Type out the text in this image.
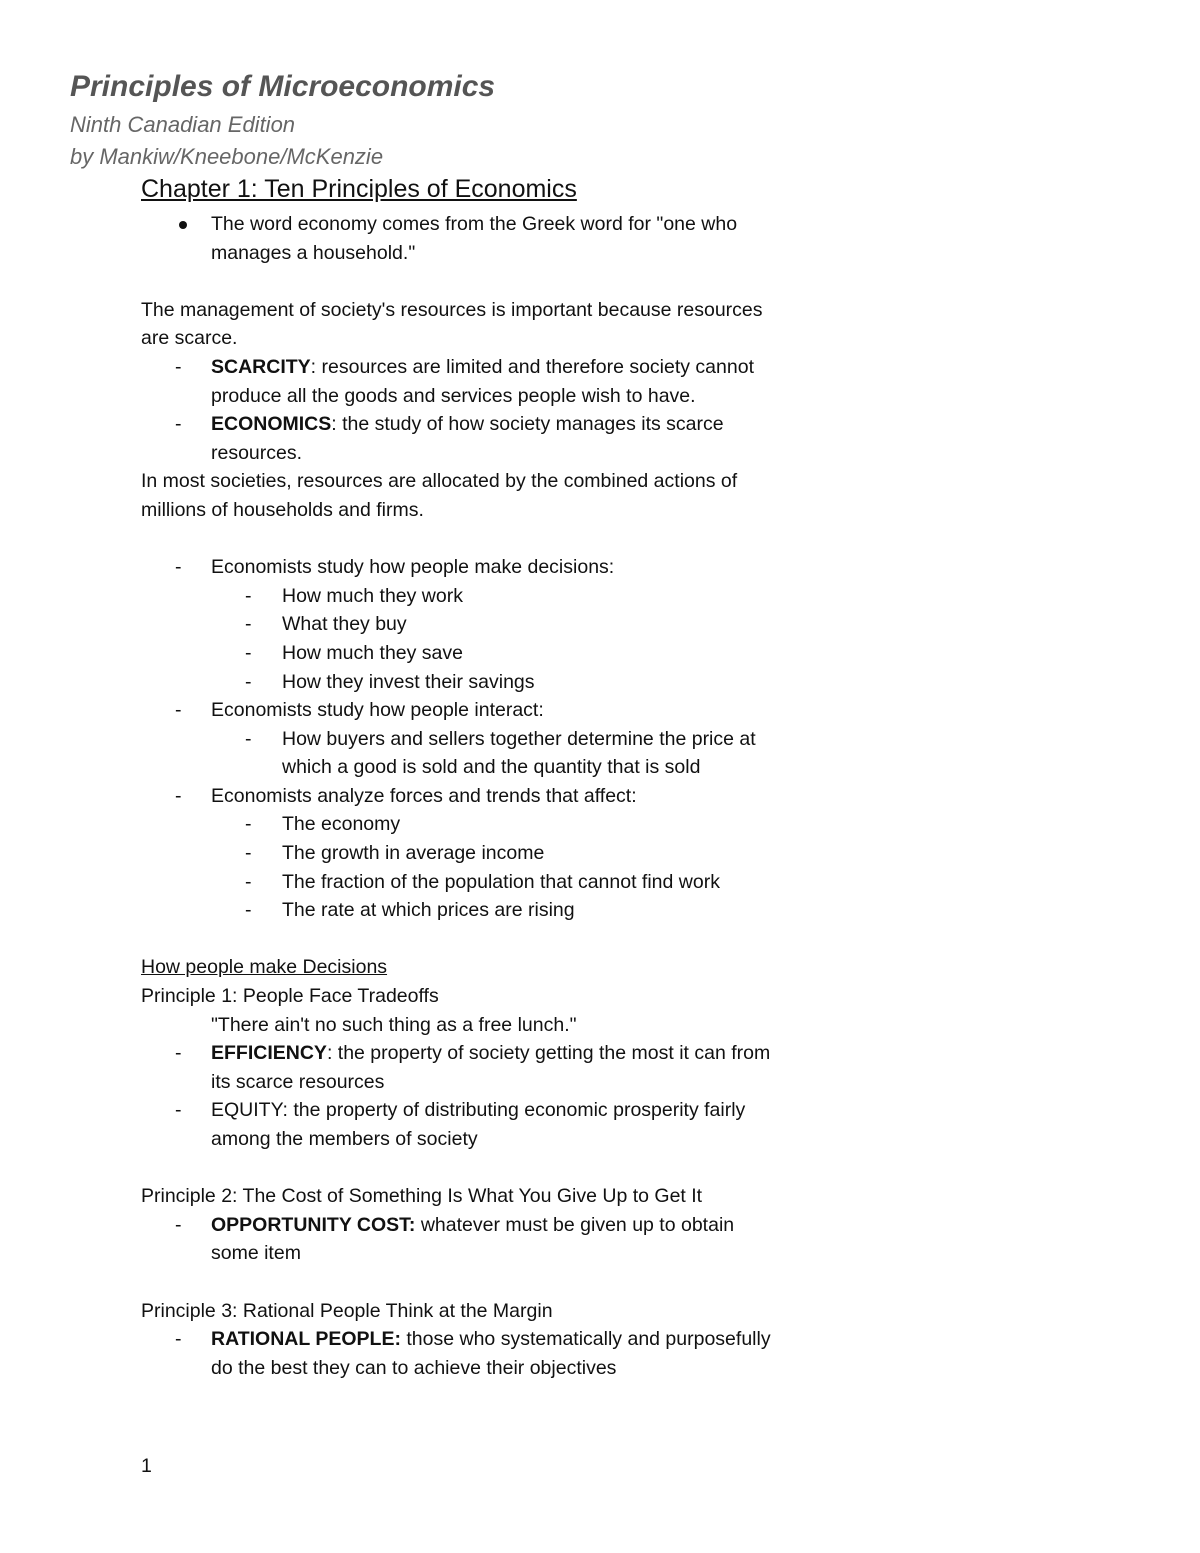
Principles of Microeconomics
Ninth Canadian Edition
by Mankiw/Kneebone/McKenzie
Chapter 1: Ten Principles of Economics
The word economy comes from the Greek word for "one who
manages a household."
The management of society's resources is important because resources
are scarce.
-	SCARCITY: resources are limited and therefore society cannot
produce all the goods and services people wish to have.
-	ECONOMICS: the study of how society manages its scarce
resources.
In most societies, resources are allocated by the combined actions of
millions of households and firms.
-	Economists study how people make decisions:
-	How much they work
-	What they buy
-	How much they save
-	How they invest their savings
-	Economists study how people interact:
-	How buyers and sellers together determine the price at
which a good is sold and the quantity that is sold
-	Economists analyze forces and trends that affect:
-	The economy
-	The growth in average income
-	The fraction of the population that cannot find work
-	The rate at which prices are rising
How people make Decisions
Principle 1: People Face Tradeoffs
"There ain't no such thing as a free lunch."
-	EFFICIENCY: the property of society getting the most it can from
its scarce resources
-	EQUITY: the property of distributing economic prosperity fairly
among the members of society
Principle 2: The Cost of Something Is What You Give Up to Get It
-	OPPORTUNITY COST: whatever must be given up to obtain
some item
Principle 3: Rational People Think at the Margin
-	RATIONAL PEOPLE: those who systematically and purposefully
do the best they can to achieve their objectives
1
